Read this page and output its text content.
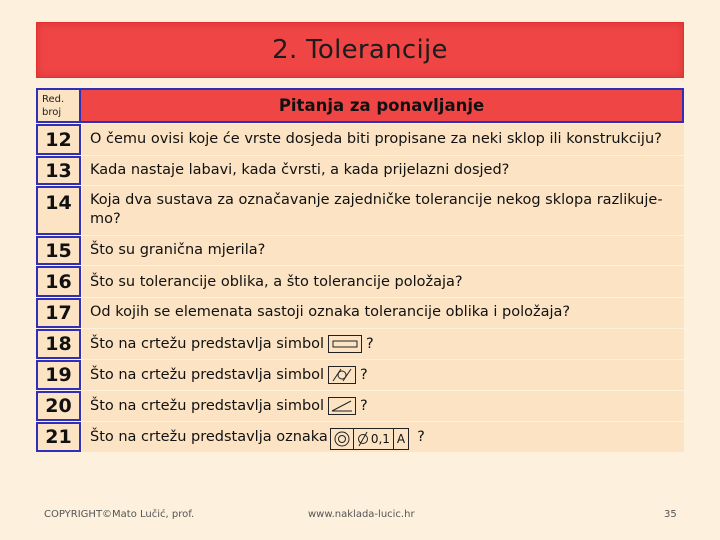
2. Tolerancije
Red. broj	Pitanja za ponavljanje
12	O čemu ovisi koje će vrste dosjeda biti propisane za neki sklop ili konstrukciju?
13	Kada nastaje labavi, kada čvrsti, a kada prijelazni dosjed?
14	Koja dva sustava za označavanje zajedničke tolerancije nekog sklopa razlikuje-mo?
15	Što su granična mjerila?
16	Što su tolerancije oblika, a što tolerancije položaja?
17	Od kojih se elemenata sastoji oznaka tolerancije oblika i položaja?
18	Što na crtežu predstavlja simbol	?
19	Što na crtežu predstavlja simbol ?
20	Što na crtežu predstavlja simbol ?
21	Što na crtežu predstavlja oznaka	0,1 A ?
COPYRIGHT©Mato Lučić, prof.	www.naklada-lucic.hr	35
